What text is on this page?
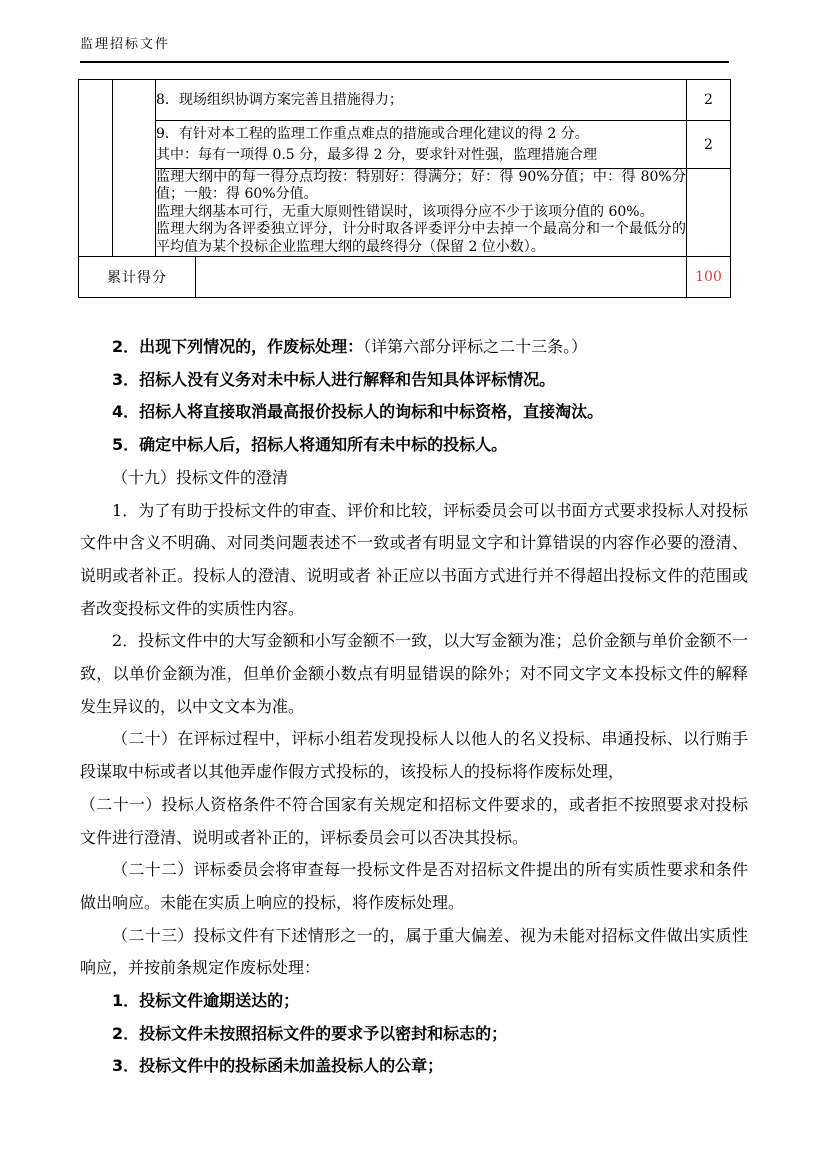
监理招标文件

		8．现场组织协调方案完善且措施得力；		2

		9．有针对本工程的监理工作重点难点的措施或合理化建议的得 2 分。
其中：每有一项得 0.5 分，最多得 2 分，要求针对性强，监理措施合理		2

		监理大纲中的每一得分点均按：特别好：得满分；好：得 90%分值；中：得 80%分值；一般：得 60%分值。
监理大纲基本可行，无重大原则性错误时，该项得分应不少于该项分值的 60%。
监理大纲为各评委独立评分，计分时取各评委评分中去掉一个最高分和一个最低分的平均值为某个投标企业监理大纲的最终得分（保留 2 位小数）。		

累计得分				100

2．出现下列情况的，作废标处理：（详第六部分评标之二十三条。）

3．招标人没有义务对未中标人进行解释和告知具体评标情况。

4．招标人将直接取消最高报价投标人的询标和中标资格，直接淘汰。

5．确定中标人后，招标人将通知所有未中标的投标人。

（十九）投标文件的澄清

1．为了有助于投标文件的审查、评价和比较，评标委员会可以书面方式要求投标人对投标文件中含义不明确、对同类问题表述不一致或者有明显文字和计算错误的内容作必要的澄清、说明或者补正。投标人的澄清、说明或者 补正应以书面方式进行并不得超出投标文件的范围或者改变投标文件的实质性内容。

2．投标文件中的大写金额和小写金额不一致，以大写金额为准；总价金额与单价金额不一致，以单价金额为准，但单价金额小数点有明显错误的除外；对不同文字文本投标文件的解释发生异议的，以中文文本为准。

（二十）在评标过程中，评标小组若发现投标人以他人的名义投标、串通投标、以行贿手段谋取中标或者以其他弄虚作假方式投标的，该投标人的投标将作废标处理，

（二十一）投标人资格条件不符合国家有关规定和招标文件要求的，或者拒不按照要求对投标文件进行澄清、说明或者补正的，评标委员会可以否决其投标。

（二十二）评标委员会将审查每一投标文件是否对招标文件提出的所有实质性要求和条件做出响应。未能在实质上响应的投标，将作废标处理。

（二十三）投标文件有下述情形之一的，属于重大偏差、视为未能对招标文件做出实质性响应，并按前条规定作废标处理：

1．投标文件逾期送达的；

2．投标文件未按照招标文件的要求予以密封和标志的；

3．投标文件中的投标函未加盖投标人的公章；
